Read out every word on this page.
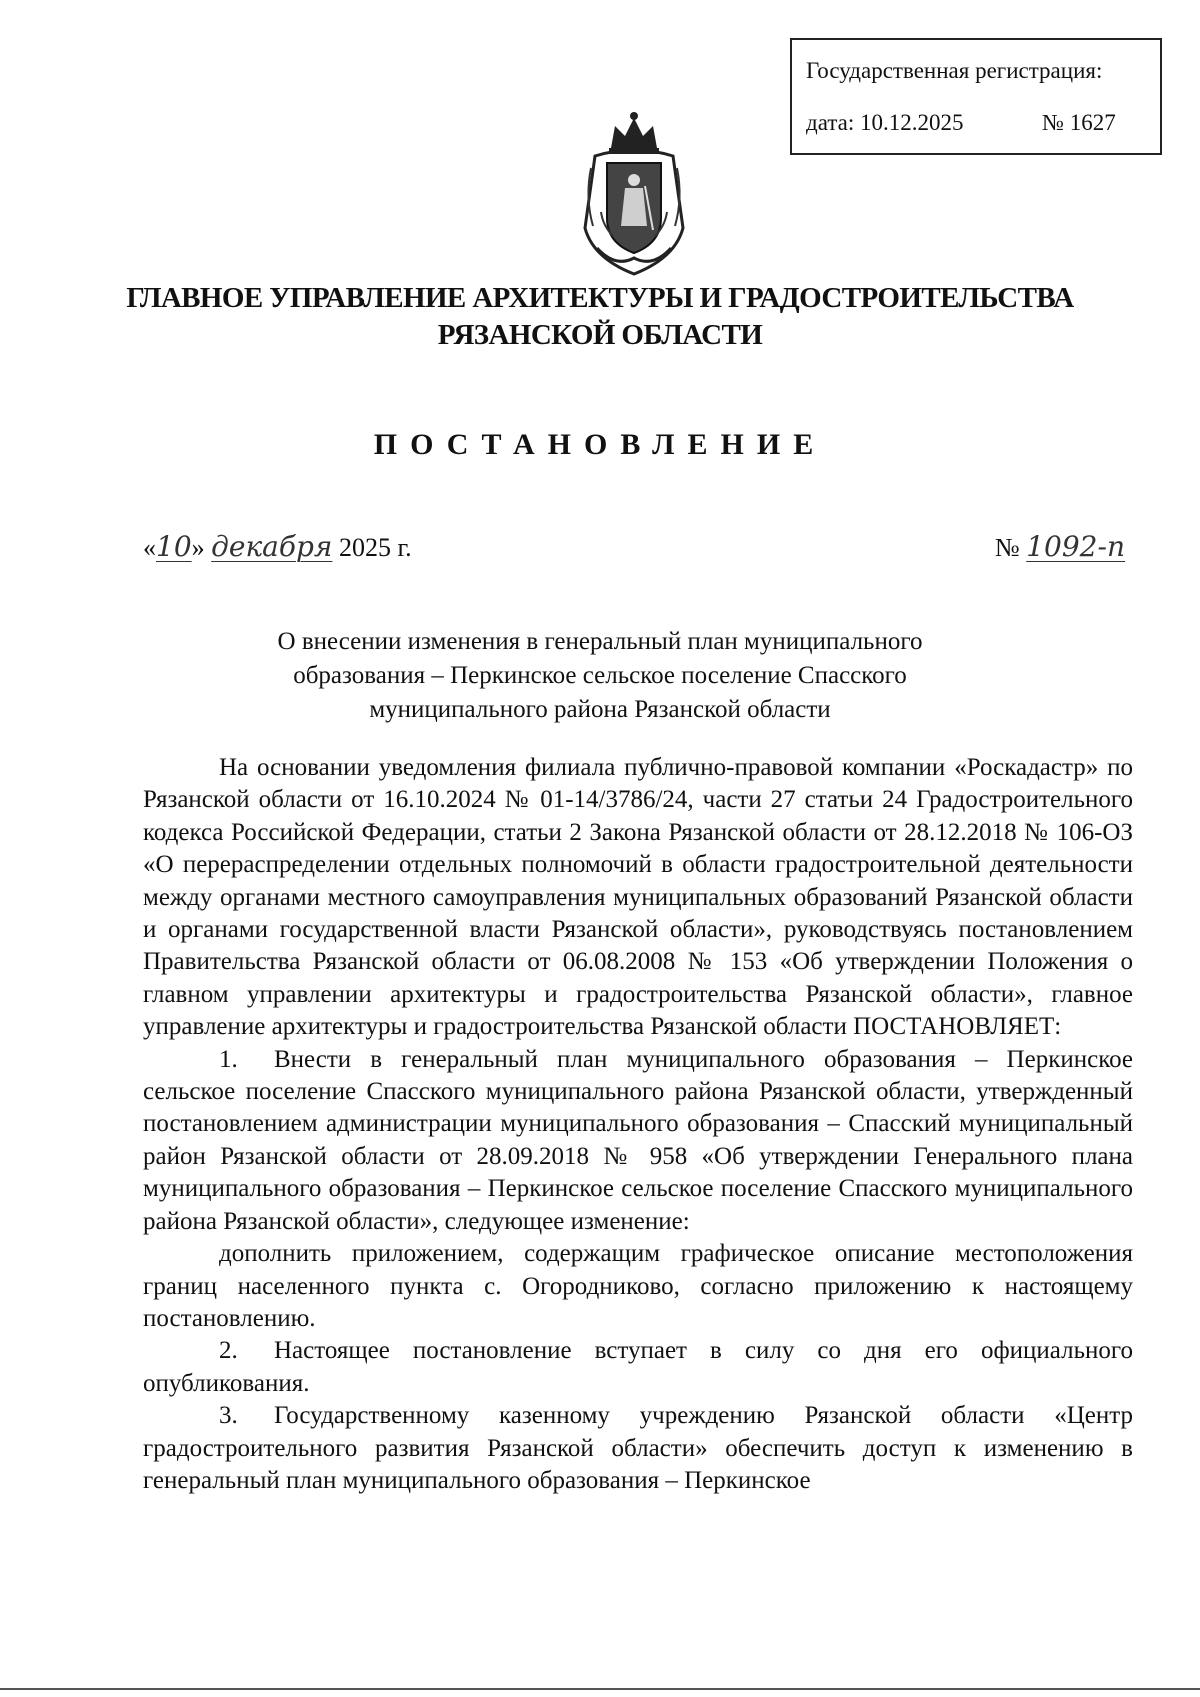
Государственная регистрация:
дата: 10.12.2025	№ 1627
ГЛАВНОЕ УПРАВЛЕНИЕ АРХИТЕКТУРЫ И ГРАДОСТРОИТЕЛЬСТВА
РЯЗАНСКОЙ ОБЛАСТИ
ПОСТАНОВЛЕНИЕ
«10» декабря 2025 г.	№ 1092-п
О внесении изменения в генеральный план муниципального
образования – Перкинское сельское поселение Спасского
муниципального района Рязанской области

На основании уведомления филиала публично-правовой компании «Роскадастр» по Рязанской области от 16.10.2024 № 01-14/3786/24, части 27 статьи 24 Градостроительного кодекса Российской Федерации, статьи 2 Закона Рязанской области от 28.12.2018 № 106-ОЗ «О перераспределении отдельных полномочий в области градостроительной деятельности между органами местного самоуправления муниципальных образований Рязанской области и органами государственной власти Рязанской области», руководствуясь постановлением Правительства Рязанской области от 06.08.2008 № 153 «Об утверждении Положения о главном управлении архитектуры и градостроительства Рязанской области», главное управление архитектуры и градостроительства Рязанской области ПОСТАНОВЛЯЕТ:

1. Внести в генеральный план муниципального образования – Перкинское сельское поселение Спасского муниципального района Рязанской области, утвержденный постановлением администрации муниципального образования – Спасский муниципальный район Рязанской области от 28.09.2018 № 958 «Об утверждении Генерального плана муниципального образования – Перкинское сельское поселение Спасского муниципального района Рязанской области», следующее изменение:

дополнить приложением, содержащим графическое описание местоположения границ населенного пункта с. Огородниково, согласно приложению к настоящему постановлению.

2. Настоящее постановление вступает в силу со дня его официального опубликования.

3. Государственному казенному учреждению Рязанской области «Центр градостроительного развития Рязанской области» обеспечить доступ к изменению в генеральный план муниципального образования – Перкинское
